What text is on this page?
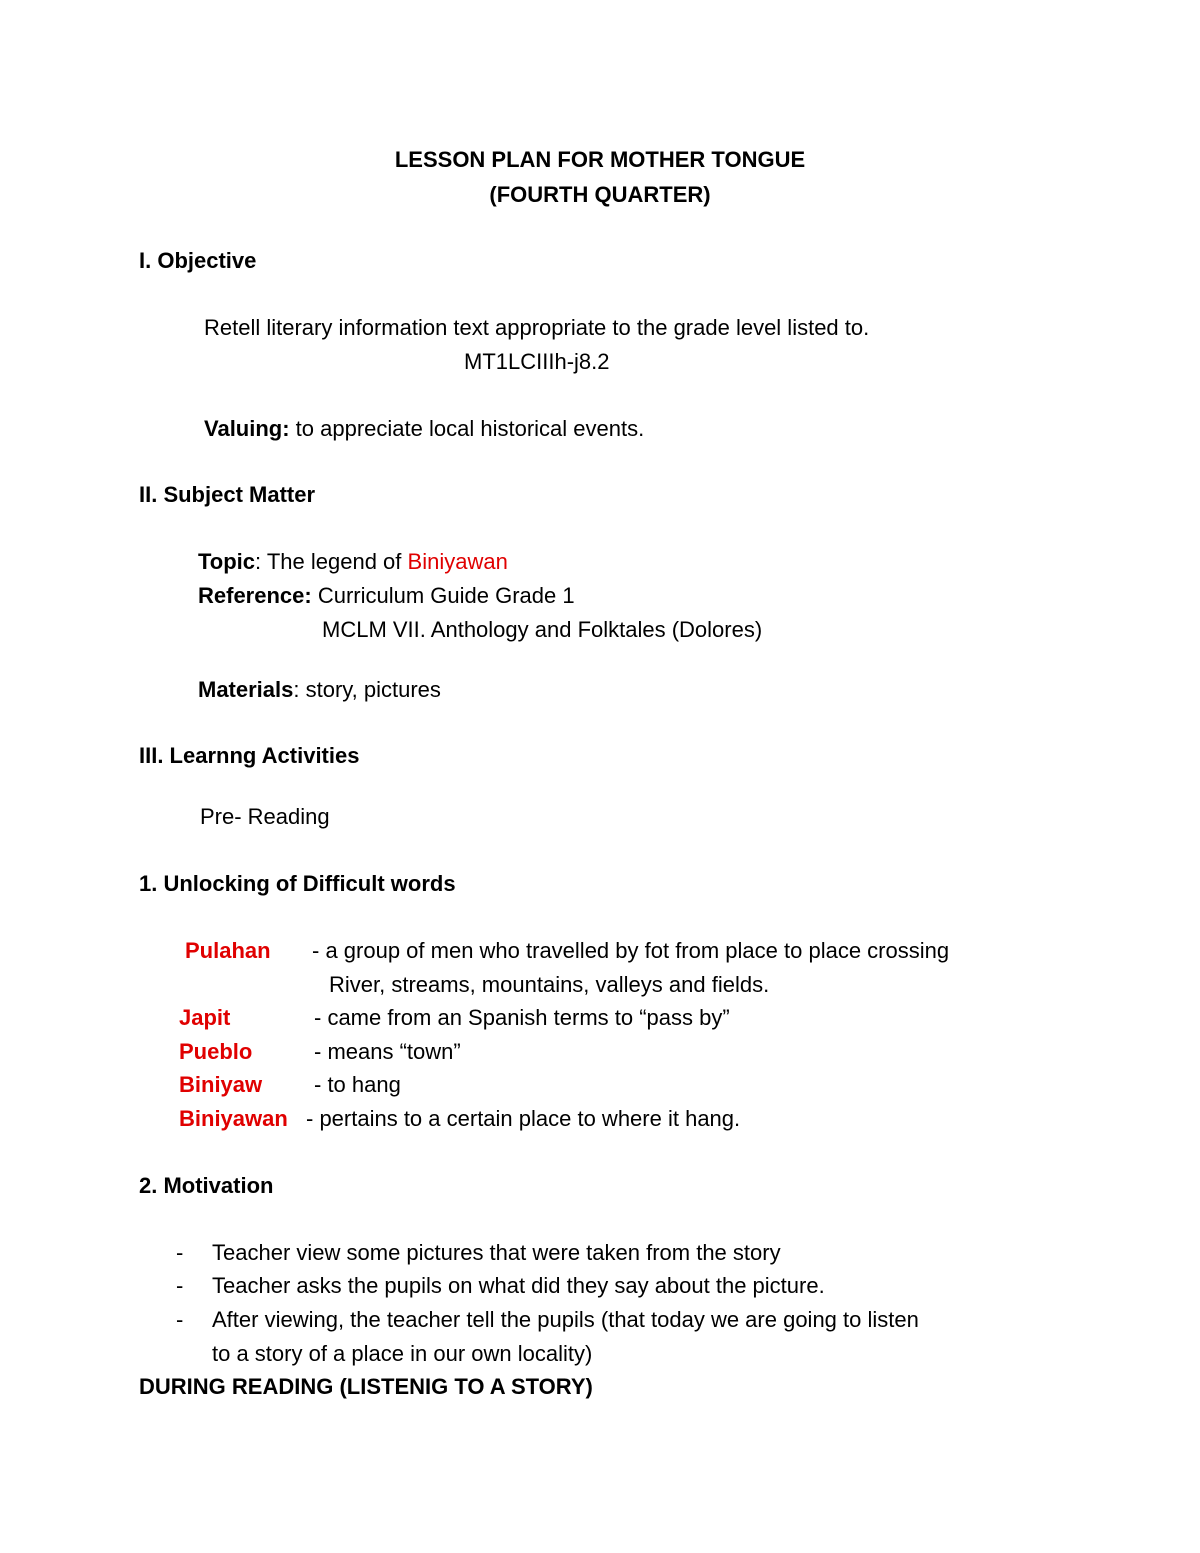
LESSON PLAN FOR MOTHER TONGUE
(FOURTH QUARTER)
I. Objective
Retell literary information text appropriate to the grade level listed to.
MT1LCIIIh-j8.2
Valuing: to appreciate local historical events.
II. Subject Matter
Topic: The legend of Biniyawan
Reference: Curriculum Guide Grade 1
MCLM VII. Anthology and Folktales (Dolores)
Materials: story, pictures
III. Learnng Activities
Pre- Reading
1. Unlocking of Difficult words
Pulahan - a group of men who travelled by fot from place to place crossing
River, streams, mountains, valleys and fields.
Japit	- came from an Spanish terms to “pass by”
Pueblo	- means “town”
Biniyaw - to hang
Biniyawan - pertains to a certain place to where it hang.
2. Motivation
- Teacher view some pictures that were taken from the story
- Teacher asks the pupils on what did they say about the picture.
- After viewing, the teacher tell the pupils (that today we are going to listen
to a story of a place in our own locality)
DURING READING (LISTENIG TO A STORY)
